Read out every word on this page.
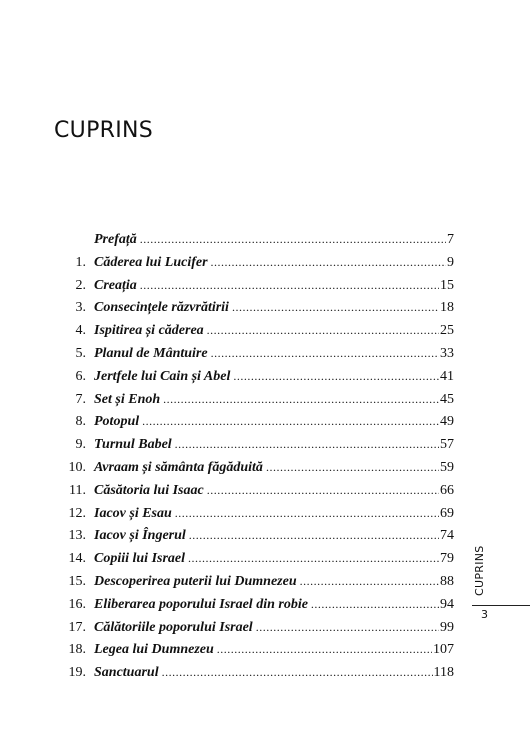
CUPRINS
Prefață .....	7
1. Căderea lui Lucifer .....	9
2. Creația .....	15
3. Consecințele răzvrătirii .....	18
4. Ispitirea și căderea .....	25
5. Planul de Mântuire .....	33
6. Jertfele lui Cain și Abel .....	41
7. Set și Enoh .....	45
8. Potopul .....	49
9. Turnul Babel .....	57
10. Avraam și sământa făgăduită .....	59
11. Căsătoria lui Isaac .....	66
12. Iacov și Esau .....	69
13. Iacov și Îngerul .....	74
14. Copiii lui Israel .....	79
15. Descoperirea puterii lui Dumnezeu .....	88
16. Eliberarea poporului Israel din robie .....	94
17. Călătoriile poporului Israel .....	99
18. Legea lui Dumnezeu .....	107
19. Sanctuarul .....	118
CUPRINS
3
